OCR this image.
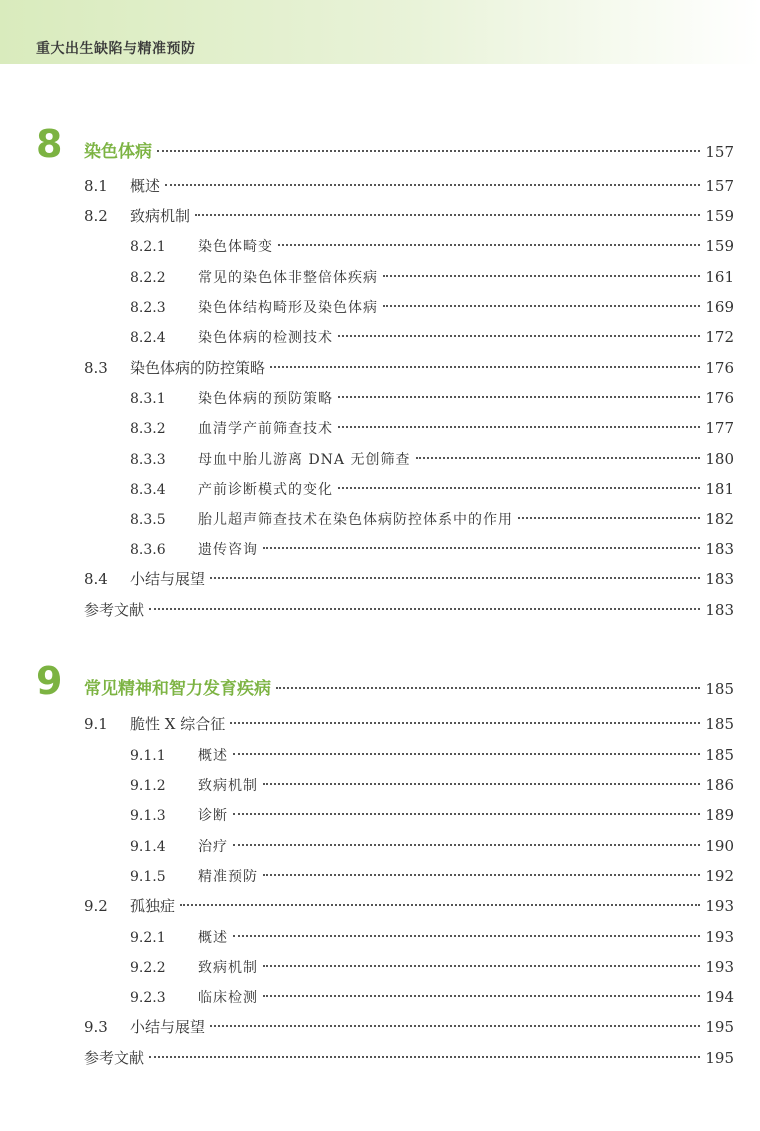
重大出生缺陷与精准预防
8 染色体病	157
8.1	概述	157
8.2	致病机制	159
8.2.1	染色体畸变	159
8.2.2	常见的染色体非整倍体疾病	161
8.2.3	染色体结构畸形及染色体病	169
8.2.4	染色体病的检测技术	172
8.3	染色体病的防控策略	176
8.3.1	染色体病的预防策略	176
8.3.2	血清学产前筛查技术	177
8.3.3	母血中胎儿游离 DNA 无创筛查	180
8.3.4	产前诊断模式的变化	181
8.3.5	胎儿超声筛查技术在染色体病防控体系中的作用	182
8.3.6	遗传咨询	183
8.4	小结与展望	183
参考文献	183
9 常见精神和智力发育疾病	185
9.1	脆性 X 综合征	185
9.1.1	概述	185
9.1.2	致病机制	186
9.1.3	诊断	189
9.1.4	治疗	190
9.1.5	精准预防	192
9.2	孤独症	193
9.2.1	概述	193
9.2.2	致病机制	193
9.2.3	临床检测	194
9.3	小结与展望	195
参考文献	195
